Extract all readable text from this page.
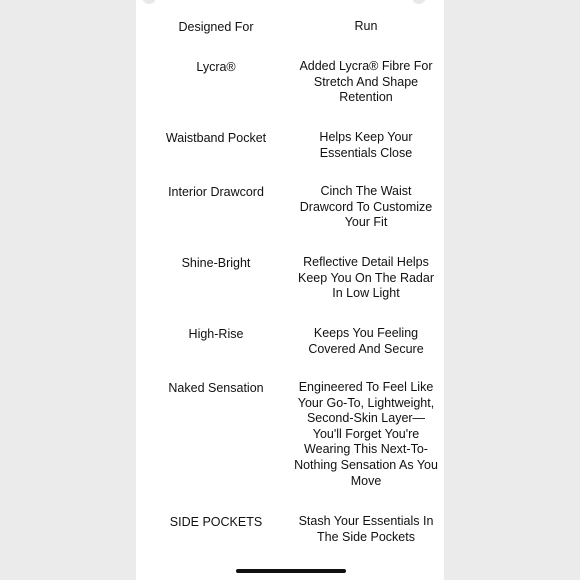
Designed For	Run
Lycra®	Added Lycra® Fibre For
Stretch And Shape
Retention
Waistband Pocket	Helps Keep Your
Essentials Close
Interior Drawcord	Cinch The Waist
Drawcord To Customize
Your Fit
Shine-Bright	Reflective Detail Helps
Keep You On The Radar
In Low Light
High-Rise	Keeps You Feeling
Covered And Secure
Naked Sensation	Engineered To Feel Like
Your Go-To, Lightweight,
Second-Skin Layer—
You'll Forget You're
Wearing This Next-To-
Nothing Sensation As You
Move
SIDE POCKETS	Stash Your Essentials In
The Side Pockets
